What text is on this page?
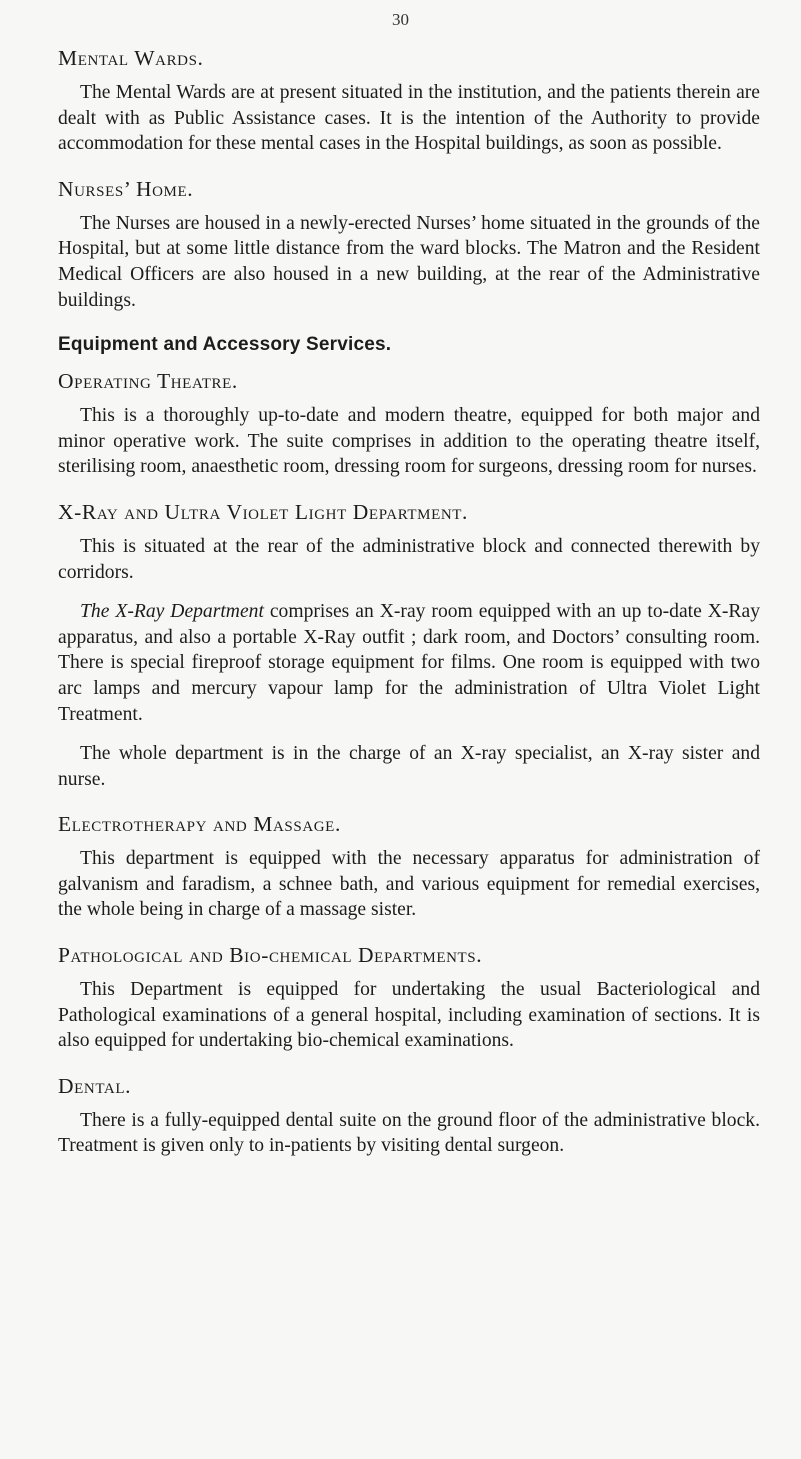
30
Mental Wards.

The Mental Wards are at present situated in the institution, and the patients therein are dealt with as Public Assistance cases. It is the intention of the Authority to provide accommodation for these mental cases in the Hospital buildings, as soon as possible.

Nurses’ Home.

The Nurses are housed in a newly-erected Nurses’ home situated in the grounds of the Hospital, but at some little distance from the ward blocks. The Matron and the Resident Medical Officers are also housed in a new building, at the rear of the Administrative buildings.

Equipment and Accessory Services.
Operating Theatre.

This is a thoroughly up-to-date and modern theatre, equipped for both major and minor operative work. The suite comprises in addition to the operating theatre itself, sterilising room, anaesthetic room, dressing room for surgeons, dressing room for nurses.

X-Ray and Ultra Violet Light Department.

This is situated at the rear of the administrative block and connected therewith by corridors.

The X-Ray Department comprises an X-ray room equipped with an up to-date X-Ray apparatus, and also a portable X-Ray outfit ; dark room, and Doctors’ consulting room. There is special fireproof storage equipment for films. One room is equipped with two arc lamps and mercury vapour lamp for the administration of Ultra Violet Light Treatment.

The whole department is in the charge of an X-ray specialist, an X-ray sister and nurse.

Electrotherapy and Massage.

This department is equipped with the necessary apparatus for administration of galvanism and faradism, a schnee bath, and various equipment for remedial exercises, the whole being in charge of a massage sister.

Pathological and Bio-chemical Departments.

This Department is equipped for undertaking the usual Bacteriological and Pathological examinations of a general hospital, including examination of sections. It is also equipped for undertaking bio-chemical examinations.

Dental.

There is a fully-equipped dental suite on the ground floor of the administrative block. Treatment is given only to in-patients by visiting dental surgeon.
